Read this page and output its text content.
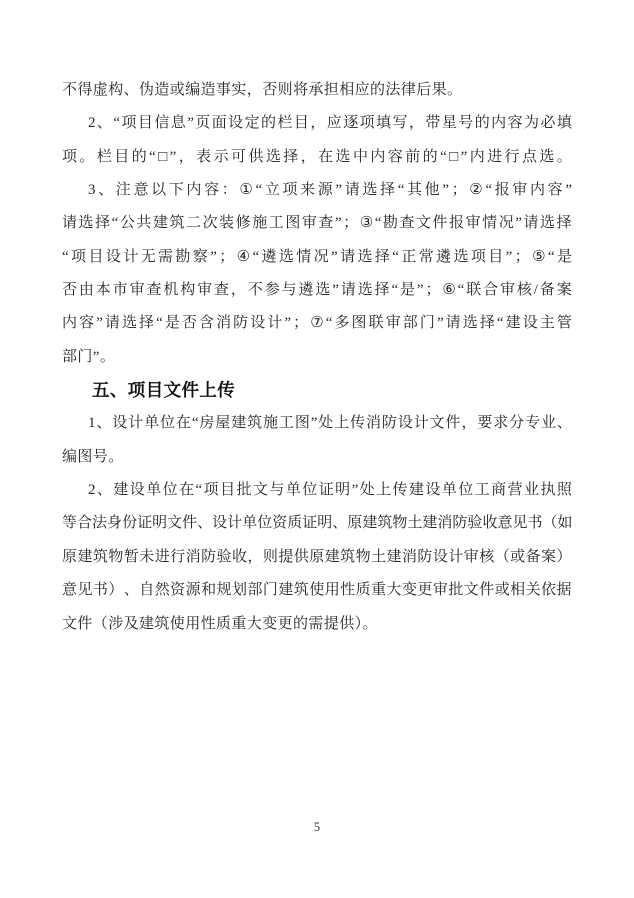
不得虚构、伪造或编造事实，否则将承担相应的法律后果。
2 、 “ 项 目 信 息 ” 页 面 设 定 的 栏 目 ， 应 逐 项 填 写 ， 带 星 号 的 内 容 为 必 填
项 。 栏 目 的 “ □ ” ， 表 示 可 供 选 择 ， 在 选 中 内 容 前 的 “ □ ” 内 进 行 点 选 。
3 、 注 意 以 下 内 容 ： ① “ 立 项 来 源 ” 请 选 择 “ 其 他 ” ； ② “ 报 审 内 容 ”
请 选 择 “ 公 共 建 筑 二 次 装 修 施 工 图 审 查 ” ； ③ “ 勘 查 文 件 报 审 情 况 ” 请 选 择
“ 项 目 设 计 无 需 勘 察 ” ； ④ “ 遴 选 情 况 ” 请 选 择 “ 正 常 遴 选 项 目 ” ； ⑤ “ 是
否 由 本 市 审 查 机 构 审 查 ， 不 参 与 遴 选 ” 请 选 择 “ 是 ” ； ⑥ “ 联 合 审 核 / 备 案
内 容 ” 请 选 择 “ 是 否 含 消 防 设 计 ” ； ⑦ “ 多 图 联 审 部 门 ” 请 选 择 “ 建 设 主 管
部门”。
五、项目文件上传
1 、 设 计 单 位 在 “ 房 屋 建 筑 施 工 图 ” 处 上 传 消 防 设 计 文 件 ， 要 求 分 专 业 、
编图号。
2 、 建 设 单 位 在 “ 项 目 批 文 与 单 位 证 明 ” 处 上 传 建 设 单 位 工 商 营 业 执 照
等 合 法 身 份 证 明 文 件 、 设 计 单 位 资 质 证 明 、 原 建 筑 物 土 建 消 防 验 收 意 见 书 （ 如
原 建 筑 物 暂 未 进 行 消 防 验 收 ， 则 提 供 原 建 筑 物 土 建 消 防 设 计 审 核 （ 或 备 案 ）
意 见 书 ） 、 自 然 资 源 和 规 划 部 门 建 筑 使 用 性 质 重 大 变 更 审 批 文 件 或 相 关 依 据
文件（涉及建筑使用性质重大变更的需提供）。
5
